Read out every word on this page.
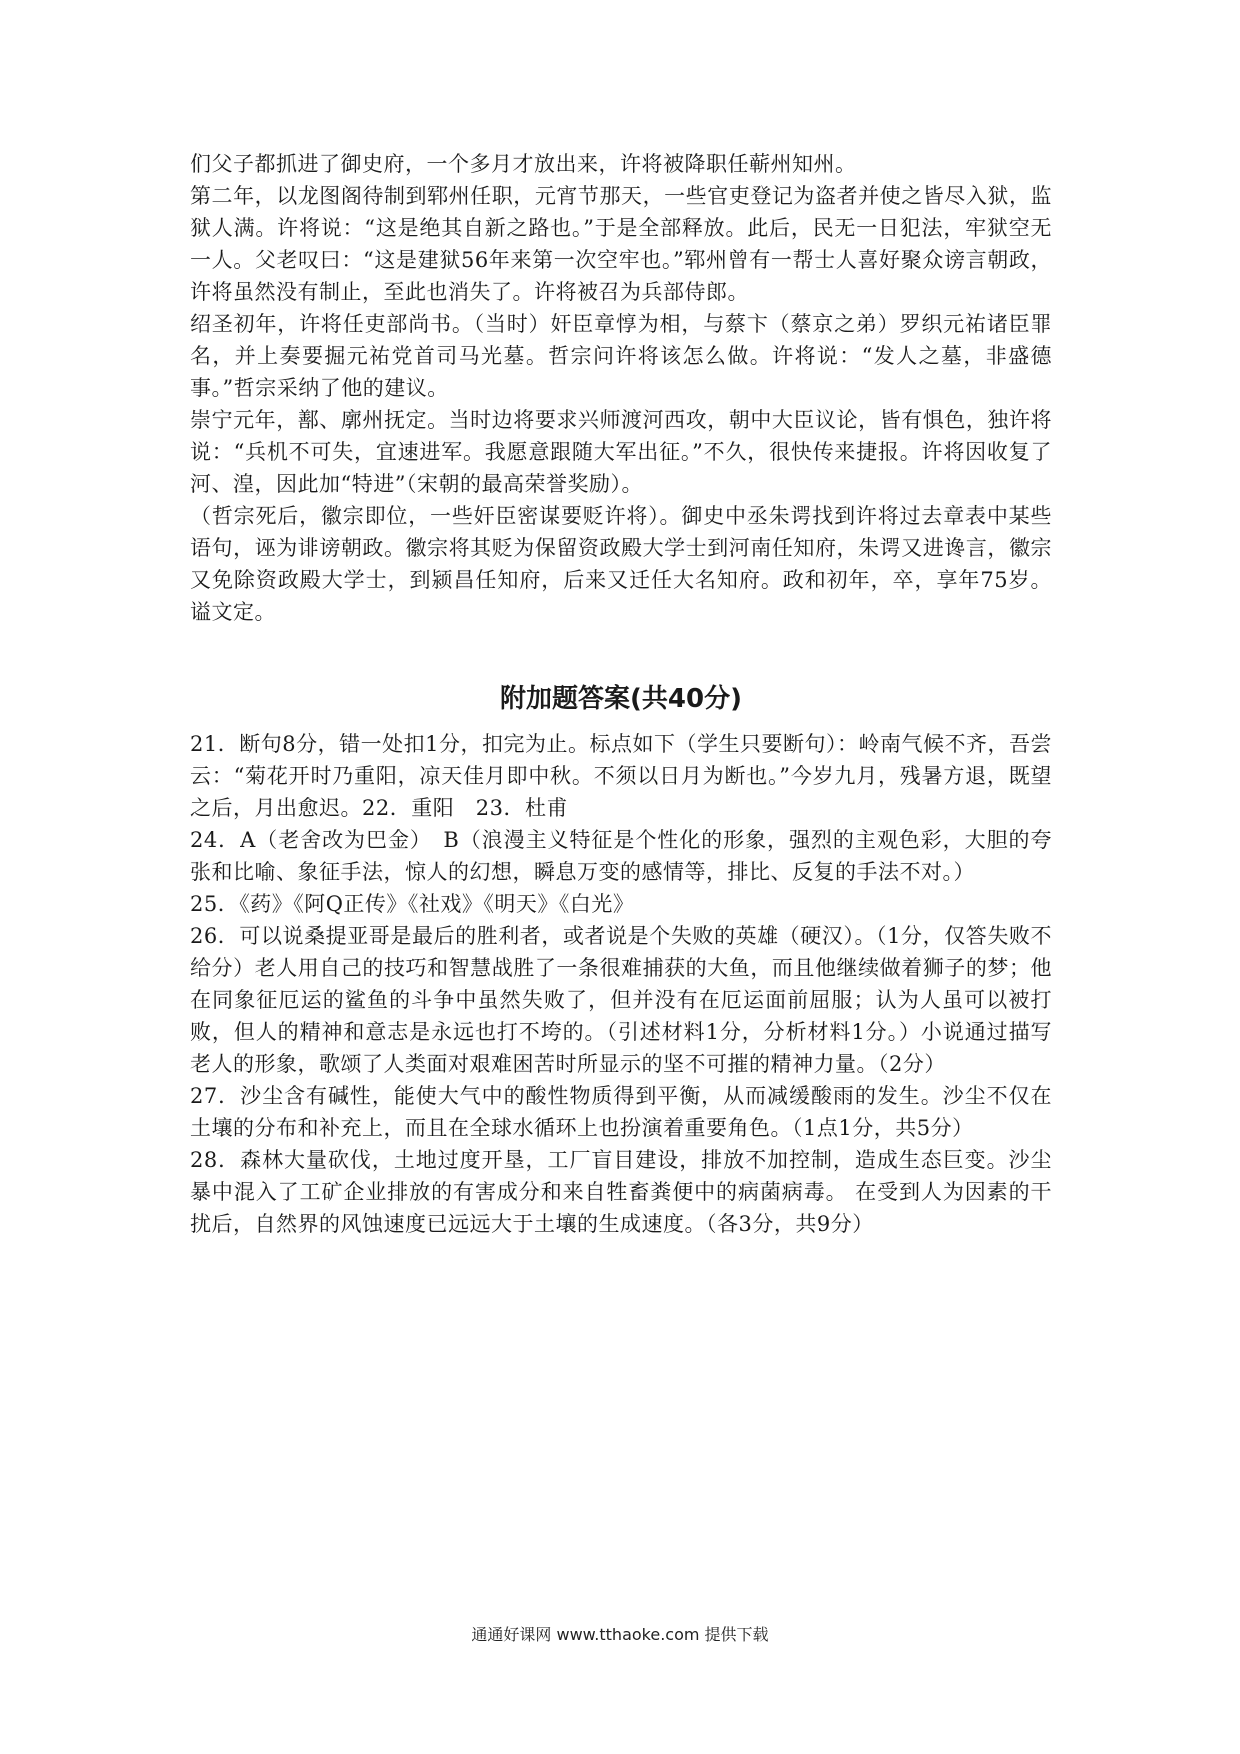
们父子都抓进了御史府，一个多月才放出来，许将被降职任蕲州知州。

第二年，以龙图阁待制到郓州任职，元宵节那天，一些官吏登记为盗者并使之皆尽入狱，监狱人满。许将说：“这是绝其自新之路也。”于是全部释放。此后，民无一日犯法，牢狱空无一人。父老叹曰：“这是建狱56年来第一次空牢也。”郓州曾有一帮士人喜好聚众谤言朝政，许将虽然没有制止，至此也消失了。许将被召为兵部侍郎。

绍圣初年，许将任吏部尚书。（当时）奸臣章惇为相，与蔡卞（蔡京之弟）罗织元祐诸臣罪名，并上奏要掘元祐党首司马光墓。哲宗问许将该怎么做。许将说：“发人之墓，非盛德事。”哲宗采纳了他的建议。

崇宁元年，鄯、廓州抚定。当时边将要求兴师渡河西攻，朝中大臣议论，皆有惧色，独许将说：“兵机不可失，宜速进军。我愿意跟随大军出征。”不久，很快传来捷报。许将因收复了河、湟，因此加“特进”（宋朝的最高荣誉奖励）。

（哲宗死后，徽宗即位，一些奸臣密谋要贬许将）。御史中丞朱谔找到许将过去章表中某些语句，诬为诽谤朝政。徽宗将其贬为保留资政殿大学士到河南任知府，朱谔又进谗言，徽宗又免除资政殿大学士，到颍昌任知府，后来又迁任大名知府。政和初年，卒，享年75岁。谥文定。

附加题答案(共40分)

21．断句8分，错一处扣1分，扣完为止。标点如下（学生只要断句）：岭南气候不齐，吾尝云：“菊花开时乃重阳，凉天佳月即中秋。不须以日月为断也。”今岁九月，残暑方退，既望之后，月出愈迟。22．重阳　23．杜甫

24．A（老舍改为巴金）　B（浪漫主义特征是个性化的形象，强烈的主观色彩，大胆的夸张和比喻、象征手法，惊人的幻想，瞬息万变的感情等，排比、反复的手法不对。）

25．《药》《阿Q正传》《社戏》《明天》《白光》

26．可以说桑提亚哥是最后的胜利者，或者说是个失败的英雄（硬汉）。（1分，仅答失败不给分）老人用自己的技巧和智慧战胜了一条很难捕获的大鱼，而且他继续做着狮子的梦；他在同象征厄运的鲨鱼的斗争中虽然失败了，但并没有在厄运面前屈服；认为人虽可以被打败，但人的精神和意志是永远也打不垮的。（引述材料1分，分析材料1分。）小说通过描写老人的形象，歌颂了人类面对艰难困苦时所显示的坚不可摧的精神力量。（2分）

27．沙尘含有碱性，能使大气中的酸性物质得到平衡，从而减缓酸雨的发生。沙尘不仅在土壤的分布和补充上，而且在全球水循环上也扮演着重要角色。（1点1分，共5分）

28．森林大量砍伐，土地过度开垦，工厂盲目建设，排放不加控制，造成生态巨变。沙尘暴中混入了工矿企业排放的有害成分和来自牲畜粪便中的病菌病毒。 在受到人为因素的干扰后，自然界的风蚀速度已远远大于土壤的生成速度。（各3分，共9分）

通通好课网 www.tthaoke.com 提供下载
